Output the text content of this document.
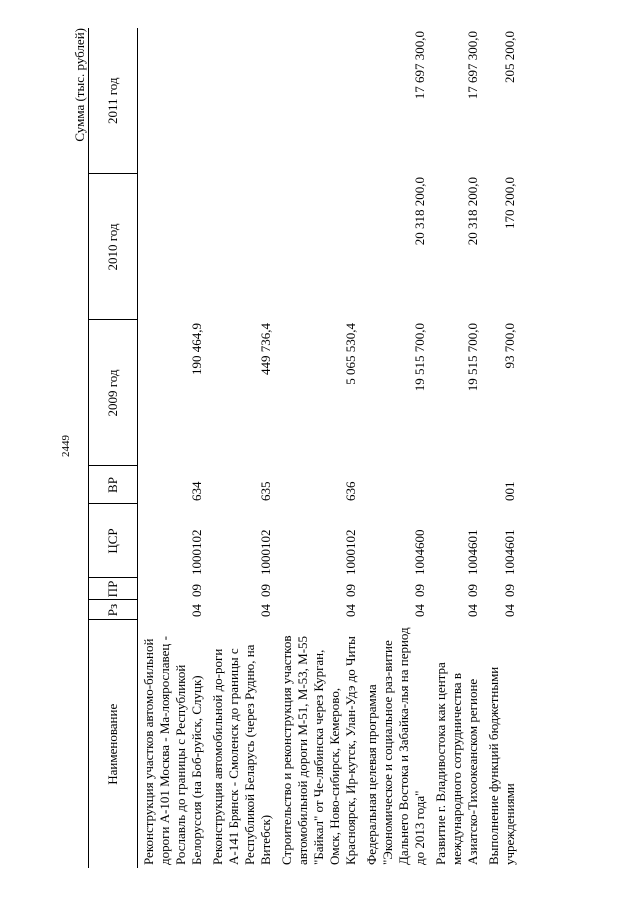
2449
Сумма (тыс. рублей)
Наименование	Рз	ПР	ЦСР	ВР	2009 год	2010 год	2011 год
Реконструкция участков автомо-бильной дороги А-101 Москва - Ма-лоярославец - Рославль до границы с Республикой Белоруссия (на Боб-руйск, Слуцк)	04	09	1000102	634	190 464,9		
Реконструкция автомобильной до-роги А-141 Брянск - Смоленск до границы с Республикой Беларусь (через Рудню, на Витебск)	04	09	1000102	635	449 736,4		
Строительство и реконструкция участков автомобильной дороги М-51, М-53, М-55 "Байкал" от Че-лябинска через Курган, Омск, Ново-сибирск, Кемерово, Красноярск, Ир-кутск, Улан-Удэ до Читы	04	09	1000102	636	5 065 530,4		
Федеральная целевая программа "Экономическое и социальное раз-витие Дальнего Востока и Забайка-лья на период до 2013 года"	04	09	1004600		19 515 700,0	20 318 200,0	17 697 300,0
Развитие г. Владивостока как центра международного сотрудничества в Азиатско-Тихоокеанском регионе	04	09	1004601		19 515 700,0	20 318 200,0	17 697 300,0
Выполнение функций бюджетными учреждениями	04	09	1004601	001	93 700,0	170 200,0	205 200,0
